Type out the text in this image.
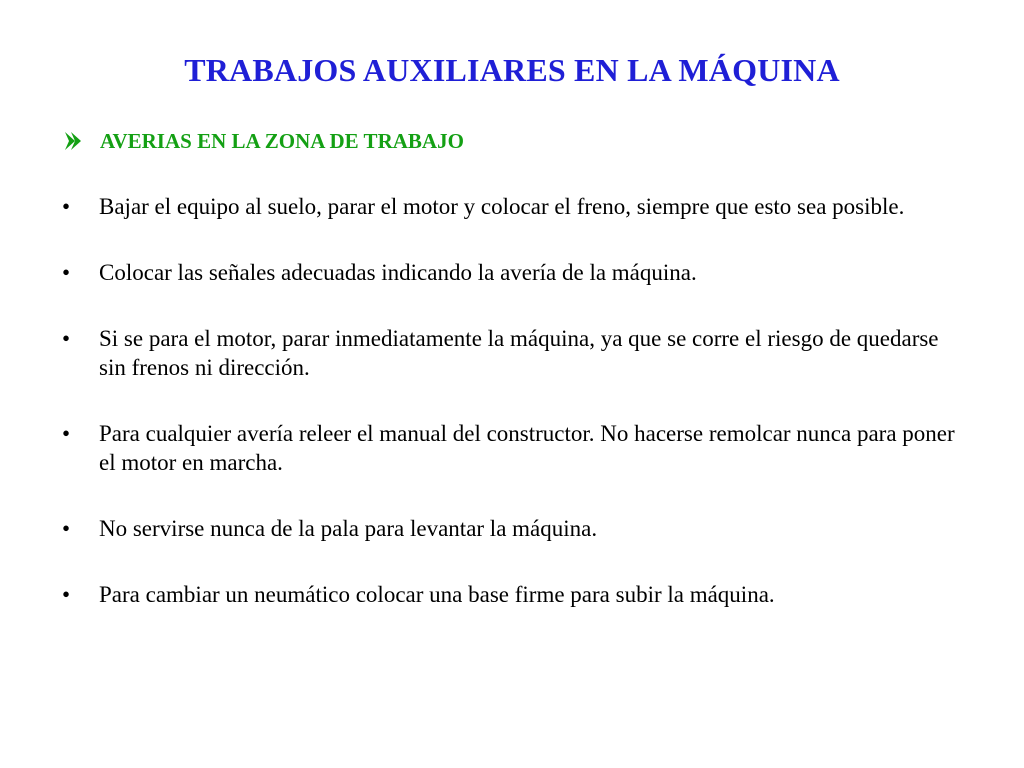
TRABAJOS AUXILIARES EN LA MÁQUINA
AVERIAS EN LA ZONA DE TRABAJO
•	Bajar el equipo al suelo, parar el motor y colocar el freno, siempre que esto sea posible.
•	Colocar las señales adecuadas indicando la avería de la máquina.
•	Si se para el motor, parar inmediatamente la máquina, ya que se corre el riesgo de quedarse sin frenos ni dirección.
•	Para cualquier avería releer el manual del constructor. No hacerse remolcar nunca para poner el motor en marcha.
•	No servirse nunca de la pala para levantar la máquina.
•	Para cambiar un neumático colocar una base firme para subir la máquina.
